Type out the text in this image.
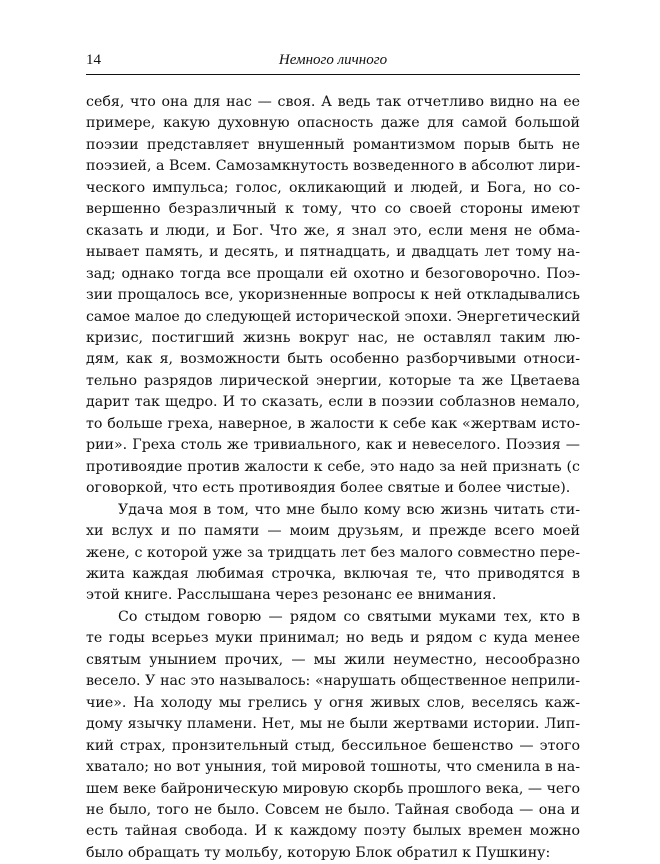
14	Немного личного

себя, что она для нас — своя. А ведь так отчетливо видно на ее
примере, какую духовную опасность даже для самой большой
поэзии представляет внушенный романтизмом порыв быть не
поэзией, а Всем. Самозамкнутость возведенного в абсолют лири-
ческого импульса; голос, окликающий и людей, и Бога, но со-
вершенно безразличный к тому, что со своей стороны имеют
сказать и люди, и Бог. Что же, я знал это, если меня не обма-
нывает память, и десять, и пятнадцать, и двадцать лет тому на-
зад; однако тогда все прощали ей охотно и безоговорочно. Поэ-
зии прощалось все, укоризненные вопросы к ней откладывались
самое малое до следующей исторической эпохи. Энергетический
кризис, постигший жизнь вокруг нас, не оставлял таким лю-
дям, как я, возможности быть особенно разборчивыми относи-
тельно разрядов лирической энергии, которые та же Цветаева
дарит так щедро. И то сказать, если в поэзии соблазнов немало,
то больше греха, наверное, в жалости к себе как «жертвам исто-
рии». Греха столь же тривиального, как и невеселого. Поэзия —
противоядие против жалости к себе, это надо за ней признать (с
оговоркой, что есть противоядия более святые и более чистые).

Удача моя в том, что мне было кому всю жизнь читать сти-
хи вслух и по памяти — моим друзьям, и прежде всего моей
жене, с которой уже за тридцать лет без малого совместно пере-
жита каждая любимая строчка, включая те, что приводятся в
этой книге. Расслышана через резонанс ее внимания.

Со стыдом говорю — рядом со святыми муками тех, кто в
те годы всерьез муки принимал; но ведь и рядом с куда менее
святым унынием прочих, — мы жили неуместно, несообразно
весело. У нас это называлось: «нарушать общественное неприли-
чие». На холоду мы грелись у огня живых слов, веселясь каж-
дому язычку пламени. Нет, мы не были жертвами истории. Лип-
кий страх, пронзительный стыд, бессильное бешенство — этого
хватало; но вот уныния, той мировой тошноты, что сменила в на-
шем веке байроническую мировую скорбь прошлого века, — чего
не было, того не было. Совсем не было. Тайная свобода — она и
есть тайная свобода. И к каждому поэту былых времен можно
было обращать ту мольбу, которую Блок обратил к Пушкину:
